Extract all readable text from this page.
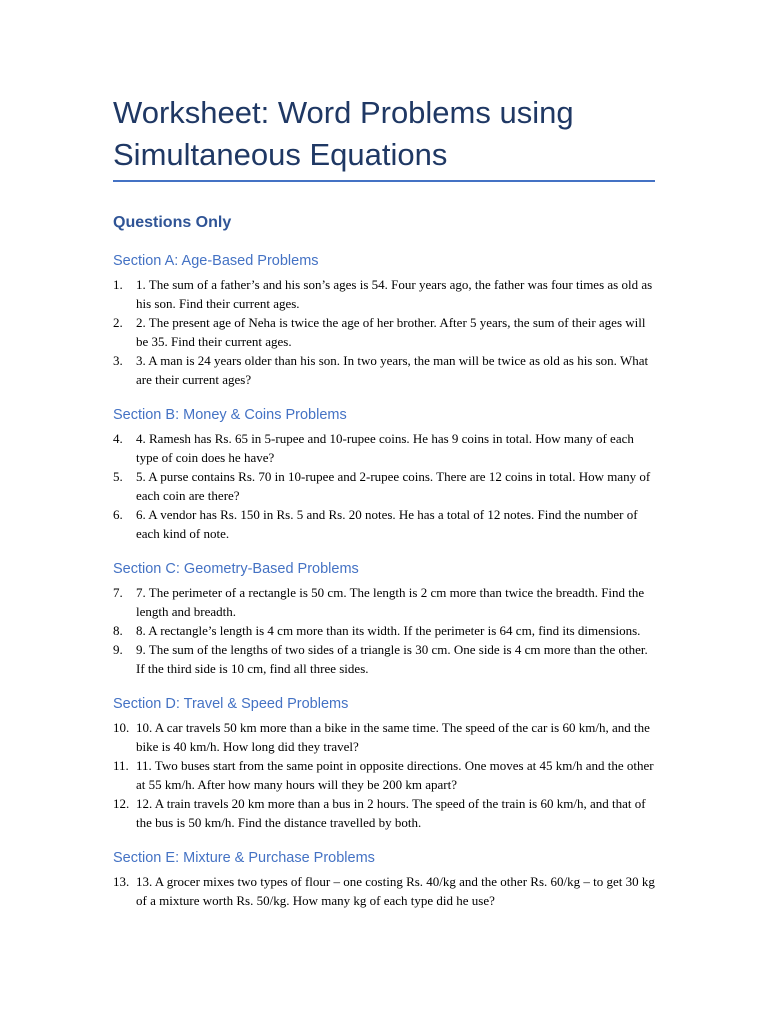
Worksheet: Word Problems using
Simultaneous Equations
Questions Only
Section A: Age-Based Problems
1. 1. The sum of a father’s and his son’s ages is 54. Four years ago, the father was four times as old as his son. Find their current ages.
2. 2. The present age of Neha is twice the age of her brother. After 5 years, the sum of their ages will be 35. Find their current ages.
3. 3. A man is 24 years older than his son. In two years, the man will be twice as old as his son. What are their current ages?
Section B: Money & Coins Problems
4. 4. Ramesh has Rs. 65 in 5-rupee and 10-rupee coins. He has 9 coins in total. How many of each type of coin does he have?
5. 5. A purse contains Rs. 70 in 10-rupee and 2-rupee coins. There are 12 coins in total. How many of each coin are there?
6. 6. A vendor has Rs. 150 in Rs. 5 and Rs. 20 notes. He has a total of 12 notes. Find the number of each kind of note.
Section C: Geometry-Based Problems
7. 7. The perimeter of a rectangle is 50 cm. The length is 2 cm more than twice the breadth. Find the length and breadth.
8. 8. A rectangle’s length is 4 cm more than its width. If the perimeter is 64 cm, find its dimensions.
9. 9. The sum of the lengths of two sides of a triangle is 30 cm. One side is 4 cm more than the other. If the third side is 10 cm, find all three sides.
Section D: Travel & Speed Problems
10. 10. A car travels 50 km more than a bike in the same time. The speed of the car is 60 km/h, and the bike is 40 km/h. How long did they travel?
11. 11. Two buses start from the same point in opposite directions. One moves at 45 km/h and the other at 55 km/h. After how many hours will they be 200 km apart?
12. 12. A train travels 20 km more than a bus in 2 hours. The speed of the train is 60 km/h, and that of the bus is 50 km/h. Find the distance travelled by both.
Section E: Mixture & Purchase Problems
13. 13. A grocer mixes two types of flour – one costing Rs. 40/kg and the other Rs. 60/kg – to get 30 kg of a mixture worth Rs. 50/kg. How many kg of each type did he use?
